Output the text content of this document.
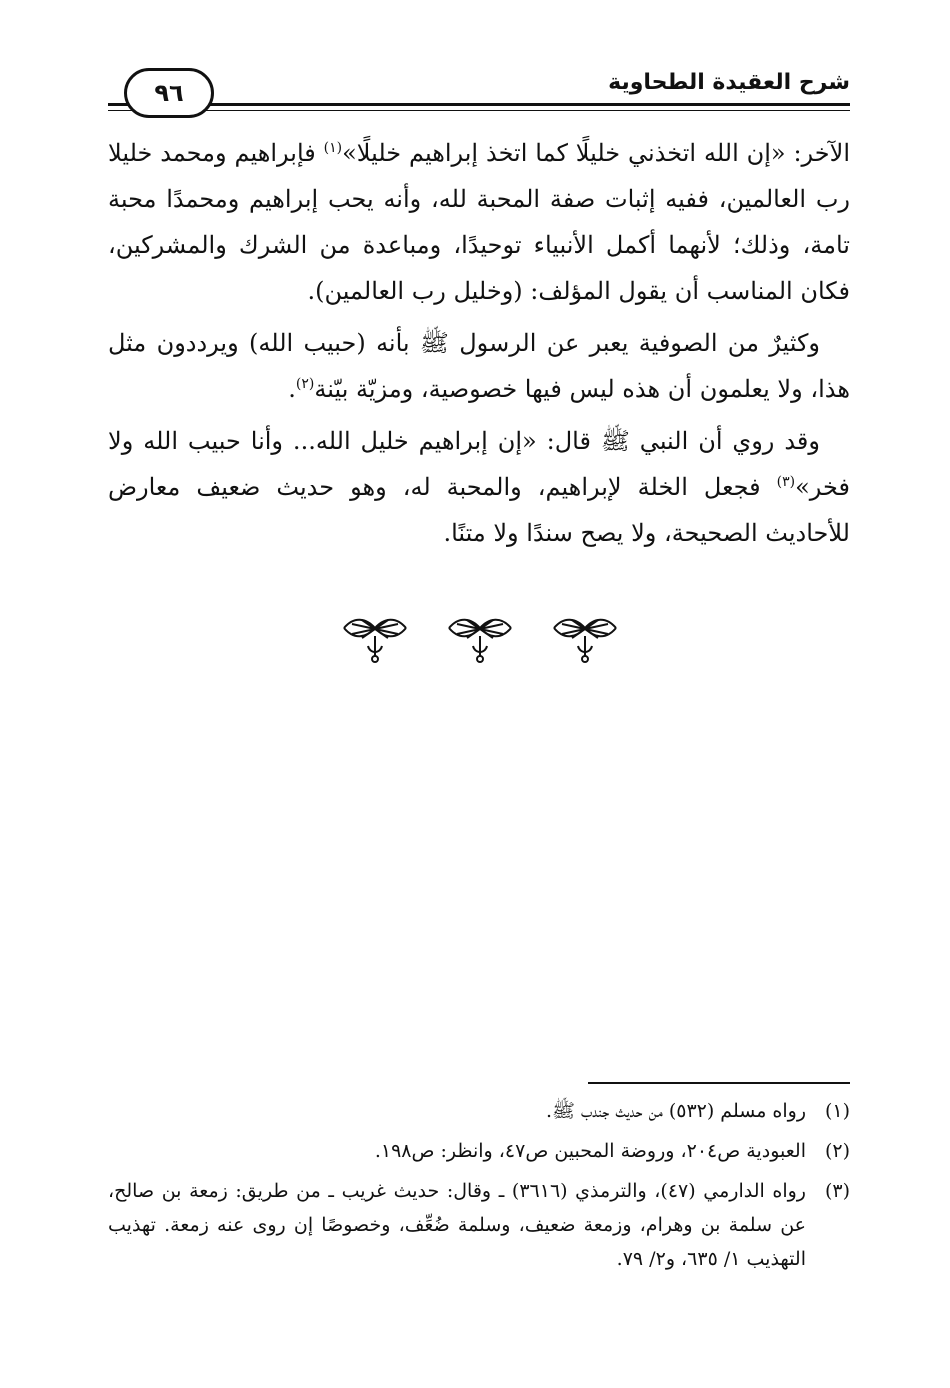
٩٦	شرح العقيدة الطحاوية

الآخر: «إن الله اتخذني خليلًا كما اتخذ إبراهيم خليلًا»$^{(١)}$ فإبراهيم ومحمد خليلا رب العالمين، ففيه إثبات صفة المحبة لله، وأنه يحب إبراهيم ومحمدًا محبة تامة، وذلك؛ لأنهما أكمل الأنبياء توحيدًا، ومباعدة من الشرك والمشركين، فكان المناسب أن يقول المؤلف: (وخليل رب العالمين).

وكثيرٌ من الصوفية يعبر عن الرسول ﷺ بأنه (حبيب الله) ويرددون مثل هذا، ولا يعلمون أن هذه ليس فيها خصوصية، ومزيّة بيّنة$^{(٢)}$.

وقد روي أن النبي ﷺ قال: «إن إبراهيم خليل الله... وأنا حبيب الله ولا فخر»$^{(٣)}$ فجعل الخلة لإبراهيم، والمحبة له، وهو حديث ضعيف معارض للأحاديث الصحيحة، ولا يصح سندًا ولا متنًا.

(١)
رواه مسلم (٥٣٢) من حديث جندب ﷺ.
(٢)
العبودية ص٢٠٤، وروضة المحبين ص٤٧، وانظر: ص١٩٨.
(٣)
رواه الدارمي (٤٧)، والترمذي (٣٦١٦) ـ وقال: حديث غريب ـ من طريق: زمعة بن صالح، عن سلمة بن وهرام، وزمعة ضعيف، وسلمة ضُعِّف، وخصوصًا إن روى عنه زمعة. تهذيب التهذيب ١/ ٦٣٥، و٢/ ٧٩.
